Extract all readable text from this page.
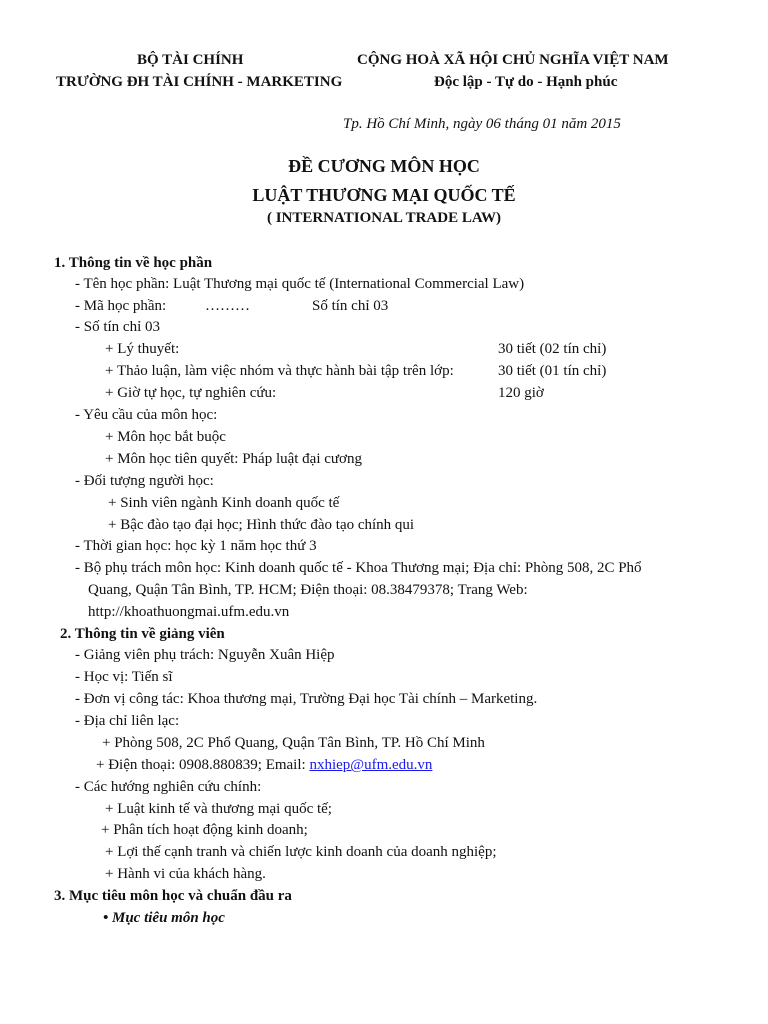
BỘ TÀI CHÍNH
TRƯỜNG ĐH TÀI CHÍNH - MARKETING
CỘNG HOÀ XÃ HỘI CHỦ NGHĨA VIỆT NAM
Độc lập - Tự do - Hạnh phúc
Tp. Hồ Chí Minh, ngày 06 tháng 01 năm 2015
ĐỀ CƯƠNG MÔN HỌC
LUẬT THƯƠNG MẠI QUỐC TẾ
( INTERNATIONAL TRADE LAW)
1. Thông tin về học phần
- Tên học phần: Luật Thương mại quốc tế (International Commercial Law)
- Mã học phần:	………	Số tín chỉ 03
- Số tín chỉ 03
+ Lý thuyết:	30 tiết (02 tín chỉ)
+ Thảo luận, làm việc nhóm và thực hành bài tập trên lớp:	30 tiết (01 tín chỉ)
+ Giờ tự học, tự nghiên cứu:	120 giờ
- Yêu cầu của môn học:
+ Môn học bắt buộc
+ Môn học tiên quyết: Pháp luật đại cương
- Đối tượng người học:
+ Sinh viên ngành Kinh doanh quốc tế
+ Bậc đào tạo đại học; Hình thức đào tạo chính qui
- Thời gian học: học kỳ 1 năm học thứ 3
- Bộ phụ trách môn học: Kinh doanh quốc tế - Khoa Thương mại; Địa chỉ: Phòng 508, 2C Phổ
Quang, Quận Tân Bình, TP. HCM; Điện thoại: 08.38479378; Trang Web:
http://khoathuongmai.ufm.edu.vn
2. Thông tin về giảng viên
- Giảng viên phụ trách: Nguyễn Xuân Hiệp
- Học vị: Tiến sĩ
- Đơn vị công tác: Khoa thương mại, Trường Đại học Tài chính – Marketing.
- Địa chỉ liên lạc:
+ Phòng 508, 2C Phổ Quang, Quận Tân Bình, TP. Hồ Chí Minh
+ Điện thoại: 0908.880839; Email: nxhiep@ufm.edu.vn
- Các hướng nghiên cứu chính:
+ Luật kinh tế và thương mại quốc tế;
+ Phân tích hoạt động kinh doanh;
+ Lợi thế cạnh tranh và chiến lược kinh doanh của doanh nghiệp;
+ Hành vi của khách hàng.
3. Mục tiêu môn học và chuẩn đầu ra
• Mục tiêu môn học
